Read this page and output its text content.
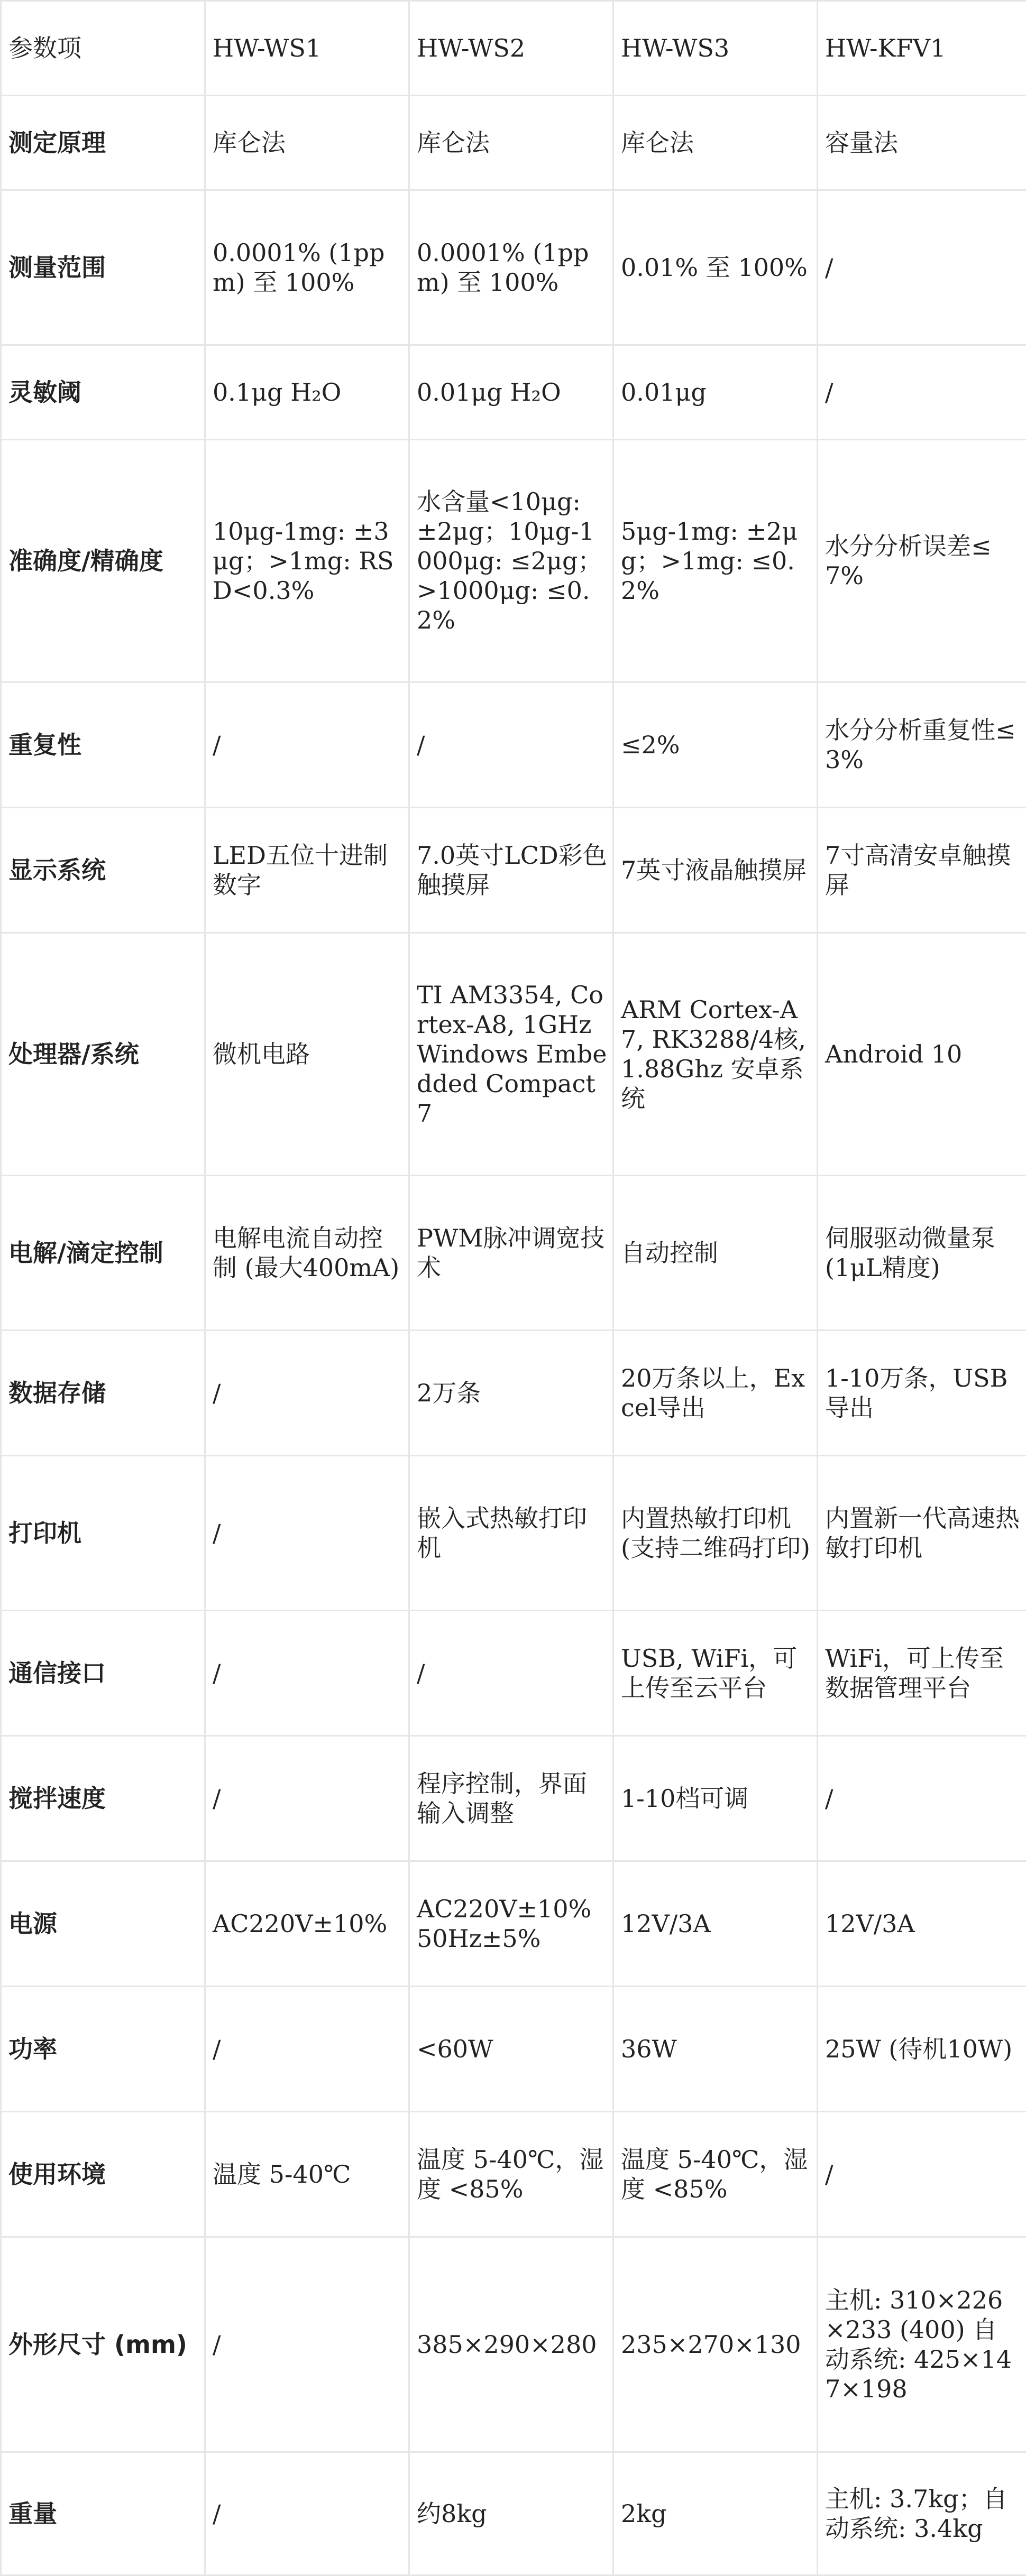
参数项	HW-WS1	HW-WS2	HW-WS3	HW-KFV1
测定原理	库仑法	库仑法	库仑法	容量法
测量范围	0.0001% (1ppm) 至 100%	0.0001% (1ppm) 至 100%	0.01% 至 100%	/
灵敏阈	0.1μg H₂O	0.01μg H₂O	0.01μg	/
准确度/精确度	10μg-1mg: ±3μg；>1mg: RSD<0.3%	水含量<10μg: ±2μg；10μg-1000μg: ≤2μg；>1000μg: ≤0.2%	5μg-1mg: ±2μg；>1mg: ≤0.2%	水分分析误差≤7%
重复性	/	/	≤2%	水分分析重复性≤3%
显示系统	LED五位十进制数字	7.0英寸LCD彩色触摸屏	7英寸液晶触摸屏	7寸高清安卓触摸屏
处理器/系统	微机电路	TI AM3354, Cortex-A8, 1GHz Windows Embedded Compact 7	ARM Cortex-A7, RK3288/4核, 1.88Ghz 安卓系统	Android 10
电解/滴定控制	电解电流自动控制 (最大400mA)	PWM脉冲调宽技术	自动控制	伺服驱动微量泵 (1μL精度)
数据存储	/	2万条	20万条以上，Excel导出	1-10万条，USB导出
打印机	/	嵌入式热敏打印机	内置热敏打印机 (支持二维码打印)	内置新一代高速热敏打印机
通信接口	/	/	USB, WiFi，可上传至云平台	WiFi，可上传至数据管理平台
搅拌速度	/	程序控制，界面输入调整	1-10档可调	/
电源	AC220V±10%	AC220V±10% 50Hz±5%	12V/3A	12V/3A
功率	/	<60W	36W	25W (待机10W)
使用环境	温度 5-40℃	温度 5-40℃，湿度 <85%	温度 5-40℃，湿度 <85%	/
外形尺寸 (mm)	/	385×290×280	235×270×130	主机: 310×226×233 (400) 自动系统: 425×147×198
重量	/	约8kg	2kg	主机: 3.7kg；自动系统: 3.4kg
